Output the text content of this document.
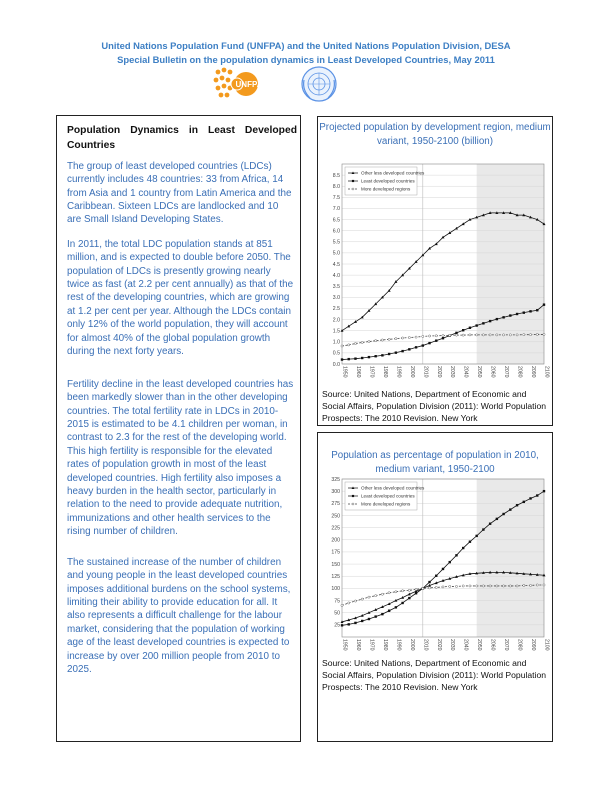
United Nations Population Fund (UNFPA) and the United Nations Population Division, DESA
Special Bulletin on the population dynamics in Least Developed Countries, May 2011
UNFPA
Population Dynamics in Least Developed Countries
The group of least developed countries (LDCs) currently includes 48 countries: 33 from Africa, 14 from Asia and 1 country from Latin America and the Caribbean. Sixteen LDCs are landlocked and 10 are Small Island Developing States.
In 2011, the total LDC population stands at 851 million, and is expected to double before 2050. The population of LDCs is presently growing nearly twice as fast (at 2.2 per cent annually) as that of the rest of the developing countries, which are growing at 1.2 per cent per year. Although the LDCs contain only 12% of the world population, they will account for almost 40% of the global population growth during the next forty years.
Fertility decline in the least developed countries has been markedly slower than in the other developing countries. The total fertility rate in LDCs in 2010-2015 is estimated to be 4.1 children per woman, in contrast to 2.3 for the rest of the developing world. This high fertility is responsible for the elevated rates of population growth in most of the least developed countries. High fertility also imposes a heavy burden in the health sector, particularly in relation to the need to provide adequate nutrition, immunizations and other health services to the rising number of children.
The sustained increase of the number of children and young people in the least developed countries imposes additional burdens on the school systems, limiting their ability to provide education for all. It also represents a difficult challenge for the labour market, considering that the population of working age of the least developed countries is expected to increase by over 200 million people from 2010 to 2025.
Projected population by development region, medium variant, 1950-2100 (billion)
0.0
0.5
1.0
1.5
2.0
2.5
3.0
3.5
4.0
4.5
5.0
5.5
6.0
6.5
7.0
7.5
8.0
8.5
1950 1960 1970 1980 1990 2000 2010 2020 2030 2040 2050 2060 2070 2080 2090 2100
Other less developed countries
Least developed countries
More developed regions
Source: United Nations, Department of Economic and Social Affairs, Population Division (2011): World Population Prospects: The 2010 Revision. New York
Population as percentage of population in 2010, medium variant, 1950-2100
25
50
75
100
125
150
175
200
225
250
275
300
325
1950 1960 1970 1980 1990 2000 2010 2020 2030 2040 2050 2060 2070 2080 2090 2100
Other less developed countries
Least developed countries
More developed regions
Source: United Nations, Department of Economic and Social Affairs, Population Division (2011): World Population Prospects: The 2010 Revision. New York
